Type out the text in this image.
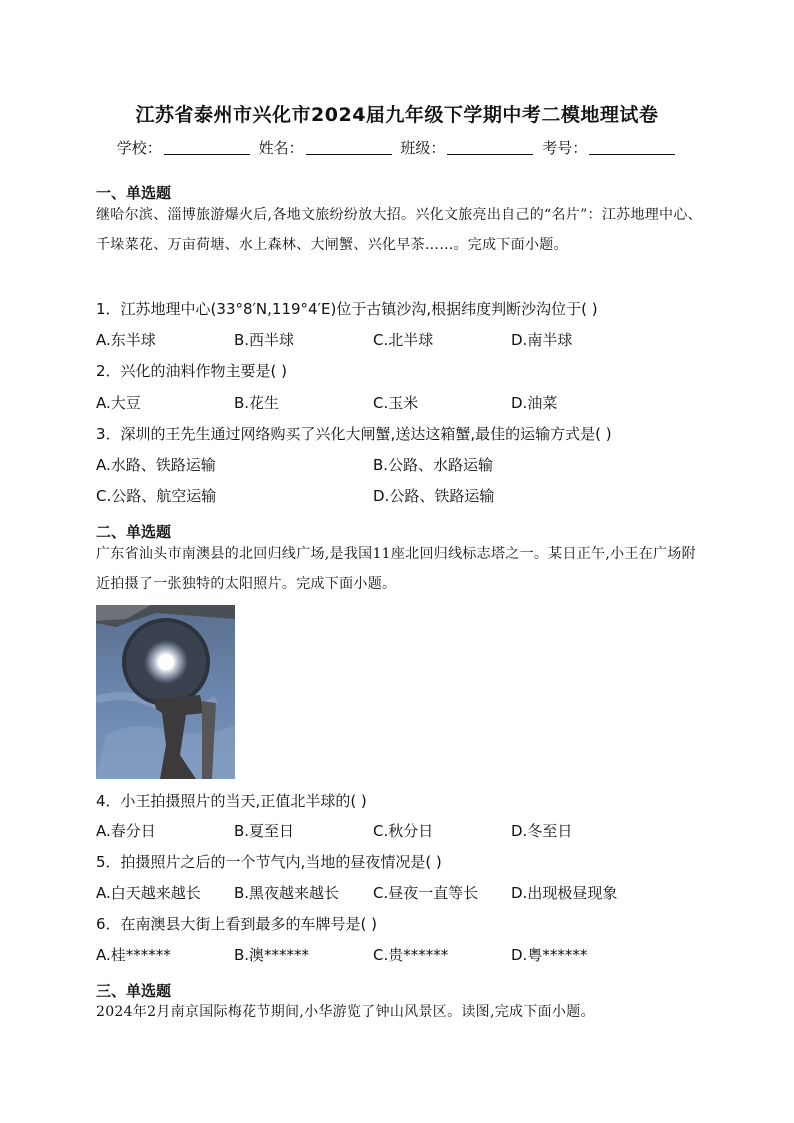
江苏省泰州市兴化市2024届九年级下学期中考二模地理试卷
学校：	姓名：	班级：	考号：
一、单选题
继哈尔滨、淄博旅游爆火后,各地文旅纷纷放大招。兴化文旅亮出自己的“名片”：江苏地理中心、千垛菜花、万亩荷塘、水上森林、大闸蟹、兴化早茶……。完成下面小题。
1．江苏地理中心(33°8′N,119°4′E)位于古镇沙沟,根据纬度判断沙沟位于( )
A.东半球	B.西半球	C.北半球	D.南半球
2．兴化的油料作物主要是( )
A.大豆	B.花生	C.玉米	D.油菜
3．深圳的王先生通过网络购买了兴化大闸蟹,送达这箱蟹,最佳的运输方式是( )
A.水路、铁路运输	B.公路、水路运输
C.公路、航空运输	D.公路、铁路运输
二、单选题
广东省汕头市南澳县的北回归线广场,是我国11座北回归线标志塔之一。某日正午,小王在广场附近拍摄了一张独特的太阳照片。完成下面小题。
4．小王拍摄照片的当天,正值北半球的( )
A.春分日	B.夏至日	C.秋分日	D.冬至日
5．拍摄照片之后的一个节气内,当地的昼夜情况是( )
A.白天越来越长 B.黑夜越来越长 C.昼夜一直等长 D.出现极昼现象
6．在南澳县大街上看到最多的车牌号是( )
A.桂******	B.澳******	C.贵******	D.粤******
三、单选题
2024年2月南京国际梅花节期间,小华游览了钟山风景区。读图,完成下面小题。
